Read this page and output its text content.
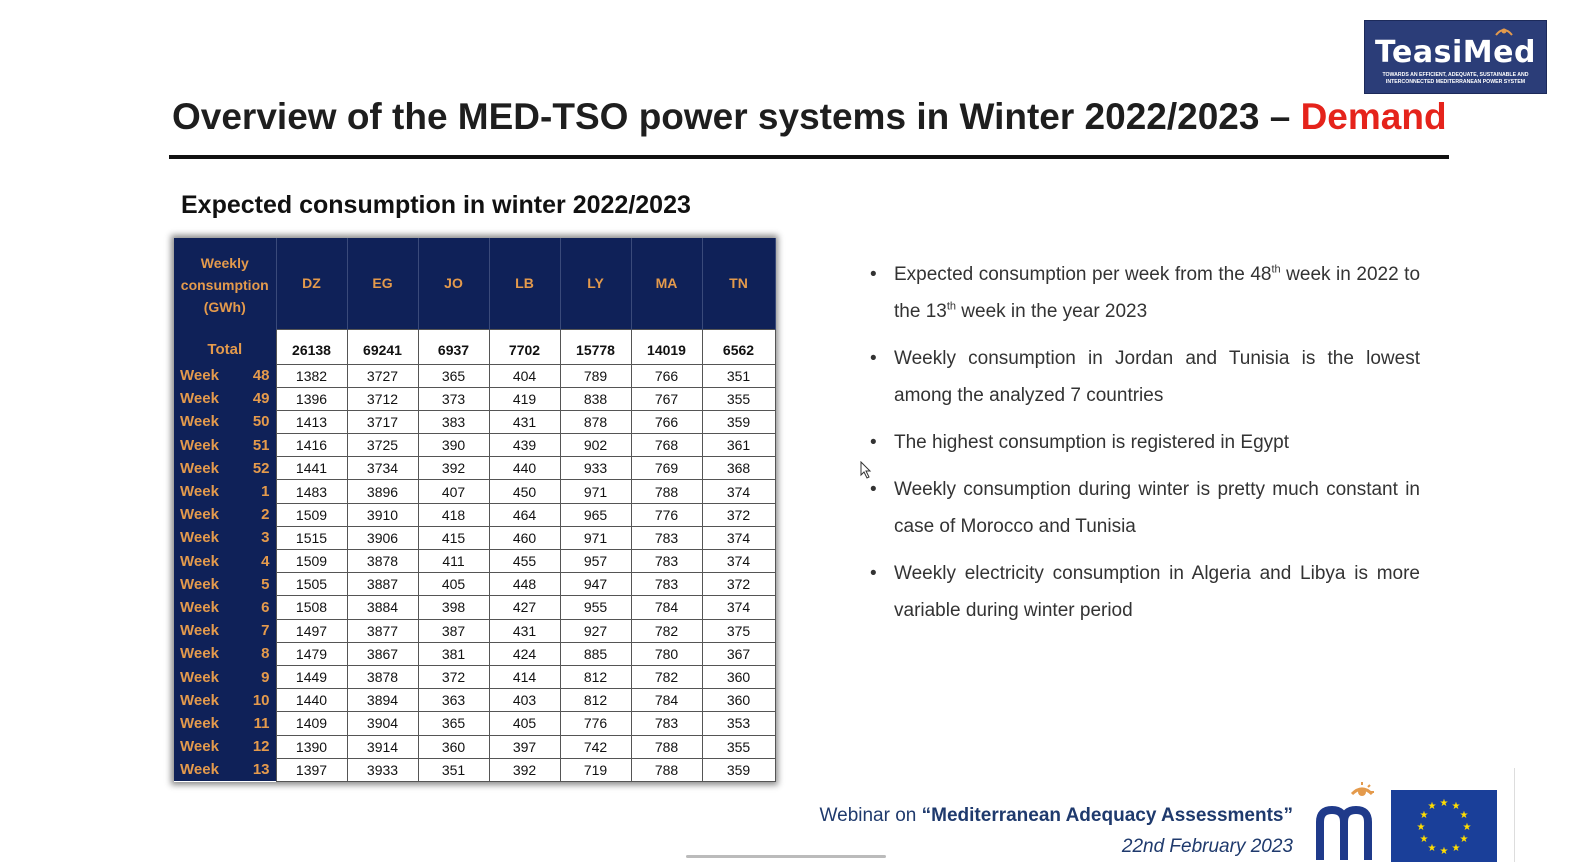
TeasiMed
TOWARDS AN EFFICIENT, ADEQUATE, SUSTAINABLE AND INTERCONNECTED MEDITERRANEAN POWER SYSTEM
Overview of the MED-TSO power systems in Winter 2022/2023 – Demand
Expected consumption in winter 2022/2023
Weekly
consumption
(GWh)	DZ	EG	JO	LB	LY	MA	TN
Total	26138	69241	6937	7702	15778	14019	6562

Week 48	1382	3727	365	404	789	766	351

Week 49	1396	3712	373	419	838	767	355

Week 50	1413	3717	383	431	878	766	359

Week 51	1416	3725	390	439	902	768	361

Week 52	1441	3734	392	440	933	769	368

Week 1	1483	3896	407	450	971	788	374

Week 2	1509	3910	418	464	965	776	372

Week 3	1515	3906	415	460	971	783	374

Week 4	1509	3878	411	455	957	783	374

Week 5	1505	3887	405	448	947	783	372

Week 6	1508	3884	398	427	955	784	374

Week 7	1497	3877	387	431	927	782	375

Week 8	1479	3867	381	424	885	780	367

Week 9	1449	3878	372	414	812	782	360

Week 10	1440	3894	363	403	812	784	360

Week 11	1409	3904	365	405	776	783	353

Week 12	1390	3914	360	397	742	788	355

Week 13	1397	3933	351	392	719	788	359
• Expected consumption per week from the 48th week in 2022 to the 13th week in the year 2023
• Weekly consumption in Jordan and Tunisia is the lowest among the analyzed 7 countries
• The highest consumption is registered in Egypt
• Weekly consumption during winter is pretty much constant in case of Morocco and Tunisia
• Weekly electricity consumption in Algeria and Libya is more variable during winter period
Webinar on “Mediterranean Adequacy Assessments”
22nd February 2023
★ ★
★
★
★
★
★
★
★
★
★
★
